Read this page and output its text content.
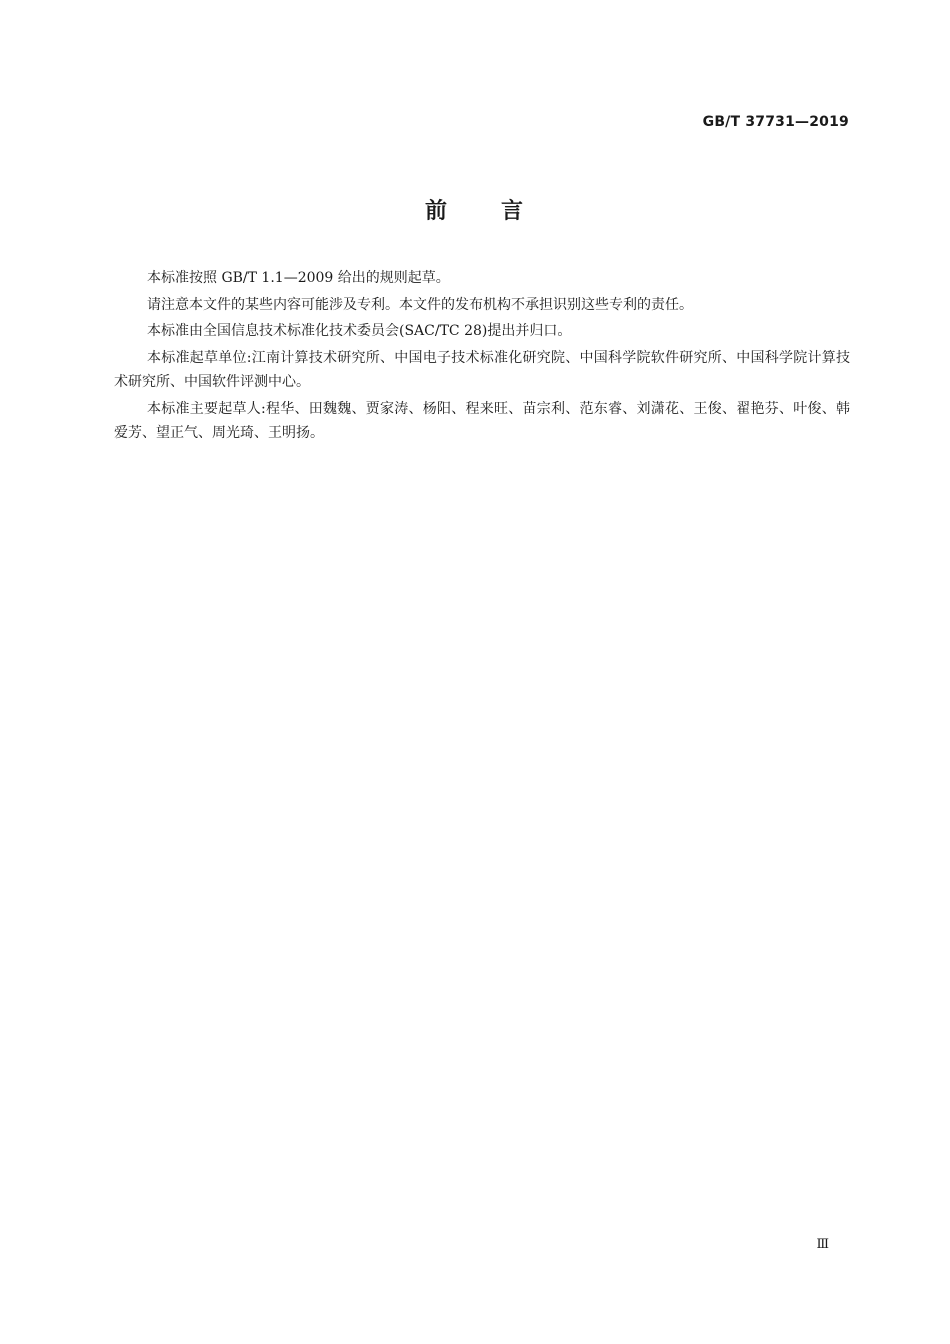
GB/T 37731—2019
前 言

本标准按照 GB/T 1.1—2009 给出的规则起草。

请注意本文件的某些内容可能涉及专利。本文件的发布机构不承担识别这些专利的责任。

本标准由全国信息技术标准化技术委员会(SAC/TC 28)提出并归口。

本标准起草单位:江南计算技术研究所、中国电子技术标准化研究院、中国科学院软件研究所、中国科学院计算技术研究所、中国软件评测中心。

本标准主要起草人:程华、田魏魏、贾家涛、杨阳、程来旺、苗宗利、范东睿、刘潇花、王俊、翟艳芬、叶俊、韩爱芳、望正气、周光琦、王明扬。

Ⅲ
